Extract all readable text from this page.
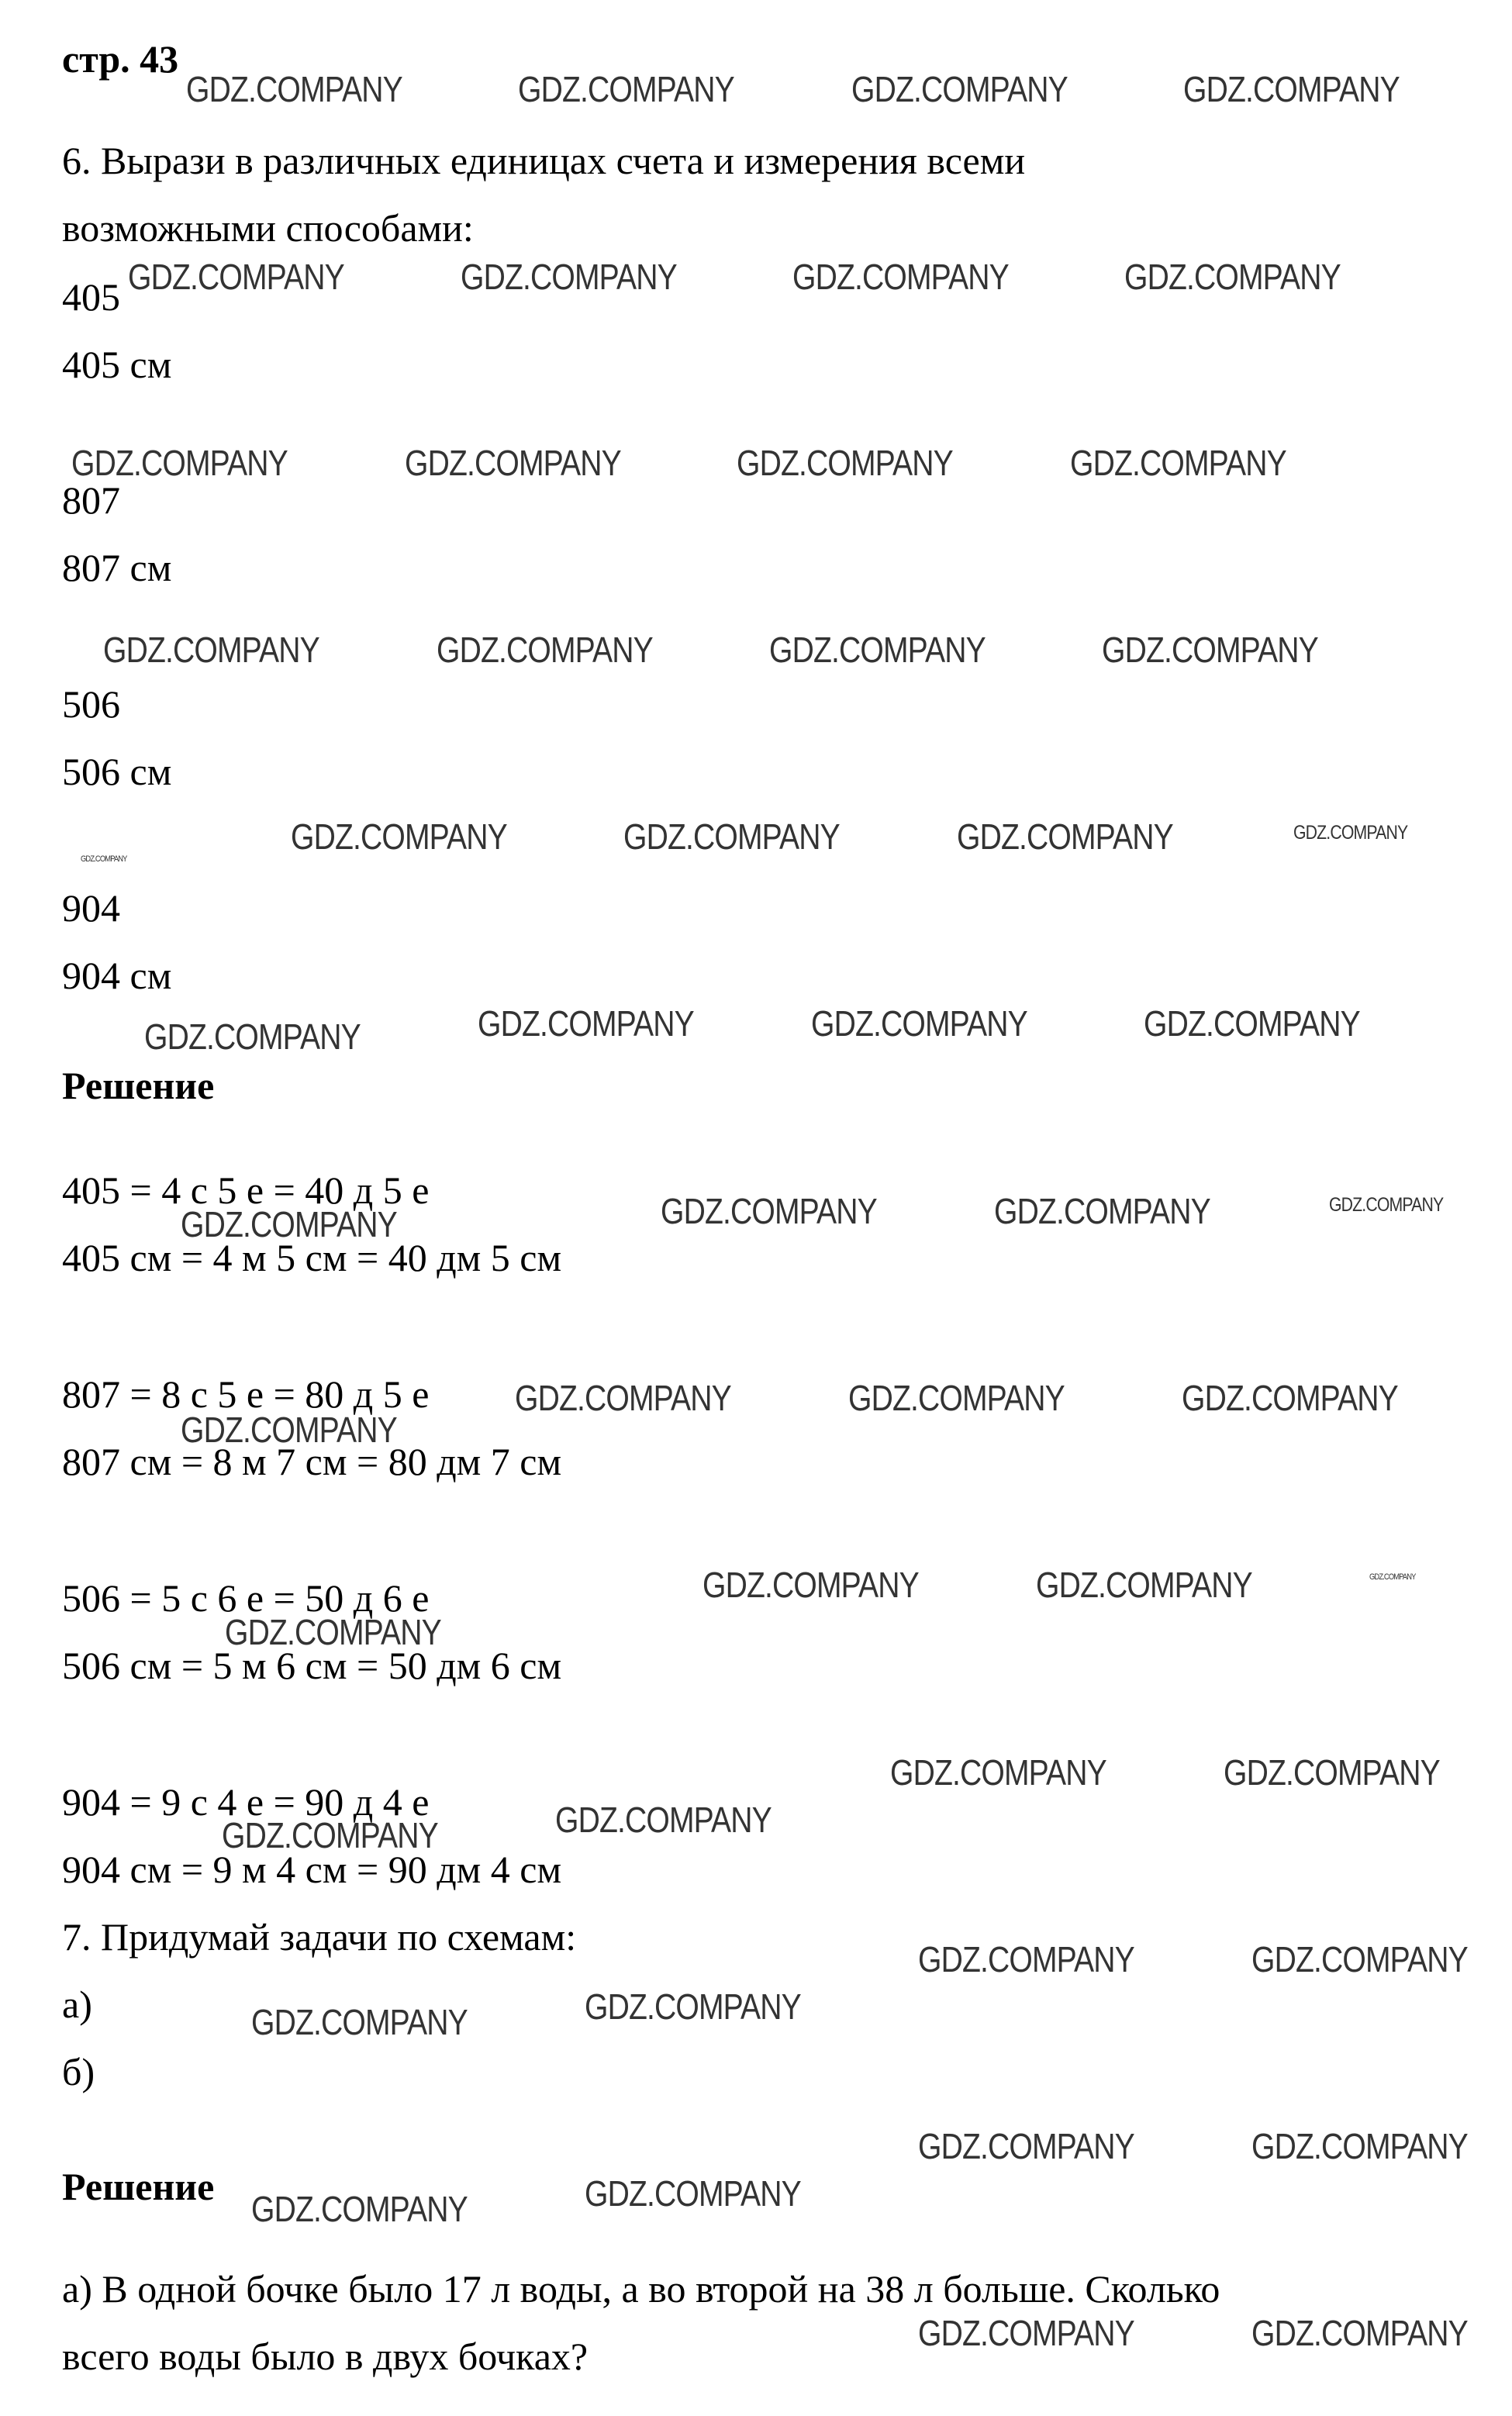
стр. 43
6. Вырази в различных единицах счета и измерения всеми
возможными способами:
405
405 см
807
807 см
506
506 см
904
904 см
Решение
405 = 4 с 5 е = 40 д 5 е
405 см = 4 м 5 см = 40 дм 5 см
807 = 8 с 5 е = 80 д 5 е
807 см = 8 м 7 см = 80 дм 7 см
506 = 5 с 6 е = 50 д 6 е
506 см = 5 м 6 см = 50 дм 6 см
904 = 9 с 4 е = 90 д 4 е
904 см = 9 м 4 см = 90 дм 4 см
7. Придумай задачи по схемам:
а)
б)
Решение
а) В одной бочке было 17 л воды, а во второй на 38 л больше. Сколько
всего воды было в двух бочках?
GDZ.COMPANY	GDZ.COMPANY	GDZ.COMPANY	GDZ.COMPANY
GDZ.COMPANY	GDZ.COMPANY	GDZ.COMPANY	GDZ.COMPANY
GDZ.COMPANY	GDZ.COMPANY	GDZ.COMPANY	GDZ.COMPANY
GDZ.COMPANY	GDZ.COMPANY	GDZ.COMPANY	GDZ.COMPANY
GDZ.COMPANY
GDZ.COMPANY	GDZ.COMPANY	GDZ.COMPANY	GDZ.COMPANY
GDZ.COMPANY	GDZ.COMPANY	GDZ.COMPANY	GDZ.COMPANY
GDZ.COMPANY	GDZ.COMPANY	GDZ.COMPANY	GDZ.COMPANY
GDZ.COMPANY	GDZ.COMPANY	GDZ.COMPANY
GDZ.COMPANY
GDZ.COMPANY	GDZ.COMPANY	GDZ.COMPANY
GDZ.COMPANY
GDZ.COMPANY	GDZ.COMPANY
GDZ.COMPANY
GDZ.COMPANY
GDZ.COMPANY	GDZ.COMPANY
GDZ.COMPANY
GDZ.COMPANY
GDZ.COMPANY	GDZ.COMPANY
GDZ.COMPANY
GDZ.COMPANY
GDZ.COMPANY	GDZ.COMPANY
